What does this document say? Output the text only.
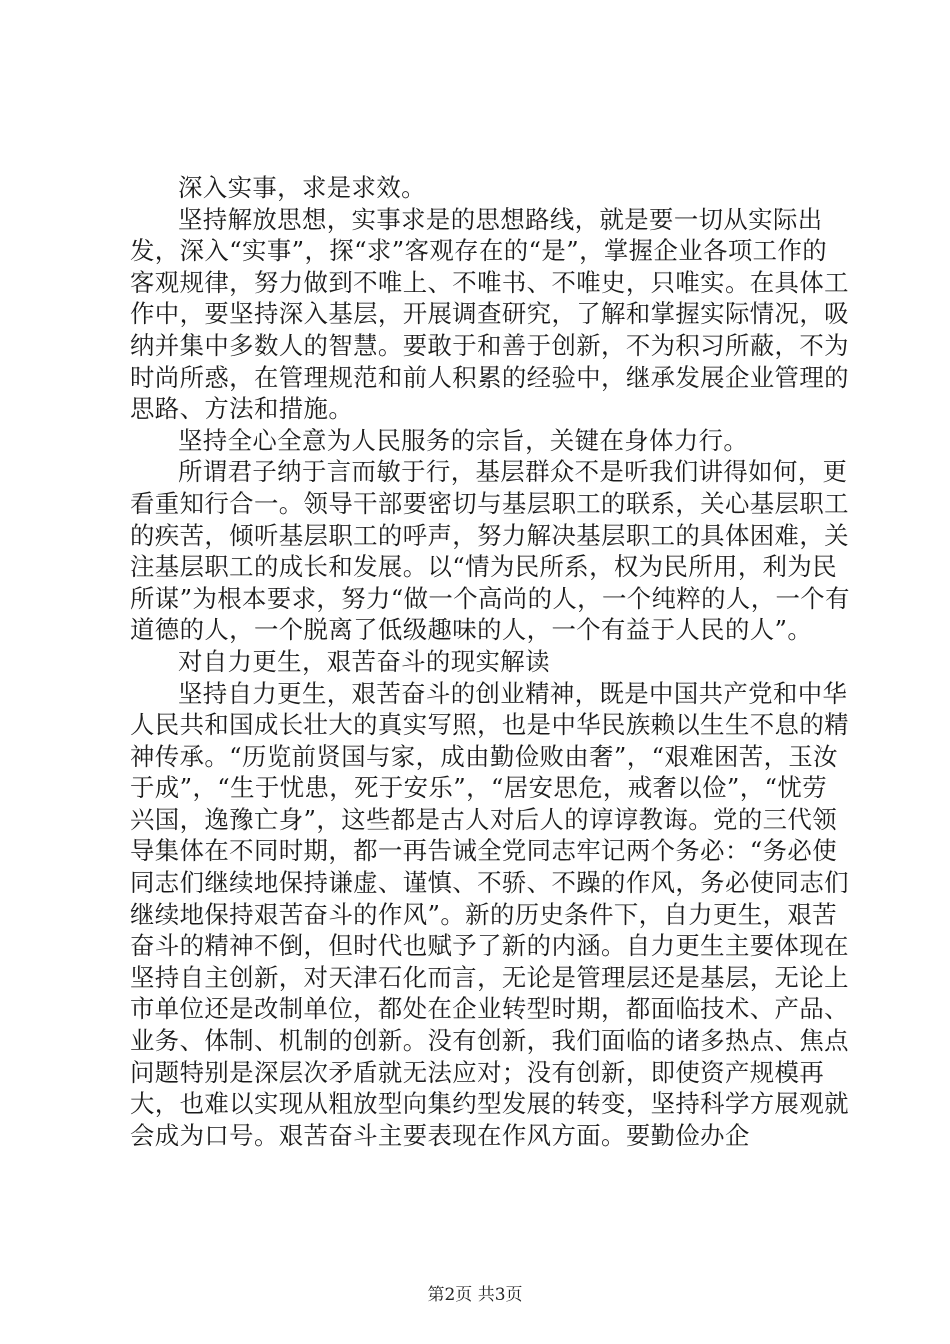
深入实事，求是求效。

坚持解放思想，实事求是的思想路线，就是要一切从实际出发，深入“实事”，探“求”客观存在的“是”，掌握企业各项工作的客观规律，努力做到不唯上、不唯书、不唯史，只唯实。在具体工作中，要坚持深入基层，开展调查研究，了解和掌握实际情况，吸纳并集中多数人的智慧。要敢于和善于创新，不为积习所蔽，不为时尚所惑，在管理规范和前人积累的经验中，继承发展企业管理的思路、方法和措施。

坚持全心全意为人民服务的宗旨，关键在身体力行。

所谓君子纳于言而敏于行，基层群众不是听我们讲得如何，更看重知行合一。领导干部要密切与基层职工的联系，关心基层职工的疾苦，倾听基层职工的呼声，努力解决基层职工的具体困难，关注基层职工的成长和发展。以“情为民所系，权为民所用，利为民所谋”为根本要求，努力“做一个高尚的人，一个纯粹的人，一个有道德的人，一个脱离了低级趣味的人，一个有益于人民的人”。

对自力更生，艰苦奋斗的现实解读

坚持自力更生，艰苦奋斗的创业精神，既是中国共产党和中华人民共和国成长壮大的真实写照，也是中华民族赖以生生不息的精神传承。“历览前贤国与家，成由勤俭败由奢”，“艰难困苦，玉汝于成”，“生于忧患，死于安乐”，“居安思危，戒奢以俭”，“忧劳兴国，逸豫亡身”，这些都是古人对后人的谆谆教诲。党的三代领导集体在不同时期，都一再告诫全党同志牢记两个务必：“务必使同志们继续地保持谦虚、谨慎、不骄、不躁的作风，务必使同志们继续地保持艰苦奋斗的作风”。新的历史条件下，自力更生，艰苦奋斗的精神不倒，但时代也赋予了新的内涵。自力更生主要体现在坚持自主创新，对天津石化而言，无论是管理层还是基层，无论上市单位还是改制单位，都处在企业转型时期，都面临技术、产品、业务、体制、机制的创新。没有创新，我们面临的诸多热点、焦点问题特别是深层次矛盾就无法应对；没有创新，即使资产规模再大，也难以实现从粗放型向集约型发展的转变，坚持科学方展观就会成为口号。艰苦奋斗主要表现在作风方面。要勤俭办企

第2页 共3页
